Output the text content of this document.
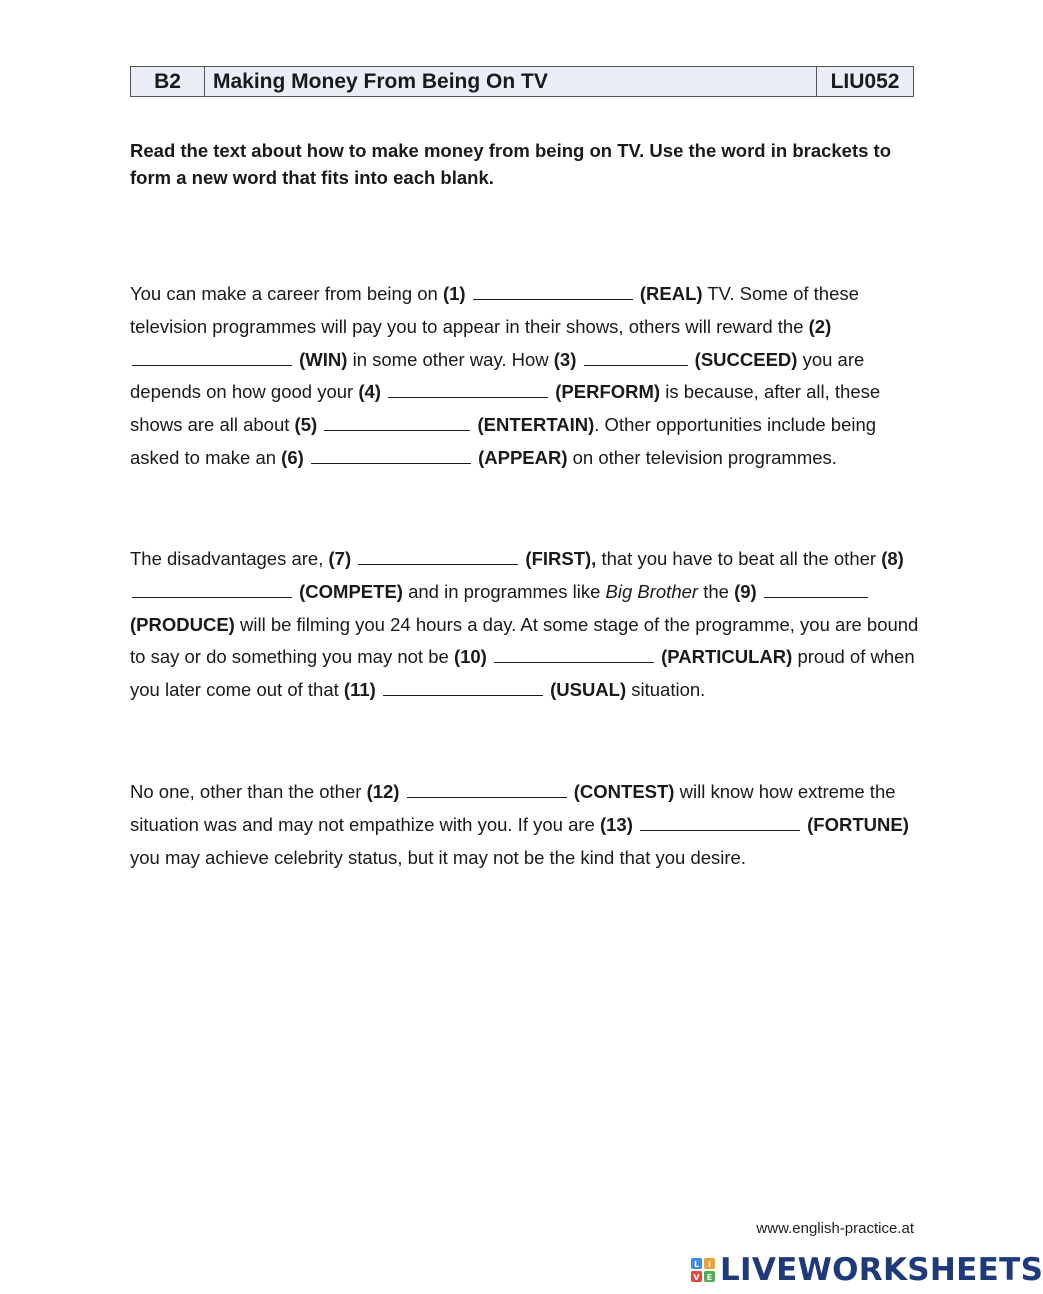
B2	Making Money From Being On TV	LIU052
Read the text about how to make money from being on TV. Use the word in brackets to form a new word that fits into each blank.

You can make a career from being on (1)	(REAL) TV. Some of these television programmes will pay you to appear in their shows, others will reward the (2)  (WIN) in some other way. How (3)	(SUCCEED) you are depends on how good your (4)	(PERFORM) is because, after all, these shows are all about (5)	(ENTERTAIN). Other opportunities include being asked to make an (6)	(APPEAR) on other television programmes.

The disadvantages are, (7)	(FIRST), that you have to beat all the other (8)  (COMPETE) and in programmes like Big Brother the (9)  (PRODUCE) will be filming you 24 hours a day. At some stage of the programme, you are bound to say or do something you may not be (10)	(PARTICULAR) proud of when you later come out of that (11)	(USUAL) situation.

No one, other than the other (12)	(CONTEST) will know how extreme the situation was and may not empathize with you. If you are (13)	(FORTUNE) you may achieve celebrity status, but it may not be the kind that you desire.

www.english-practice.at
L I
V E LIVEWORKSHEETS
